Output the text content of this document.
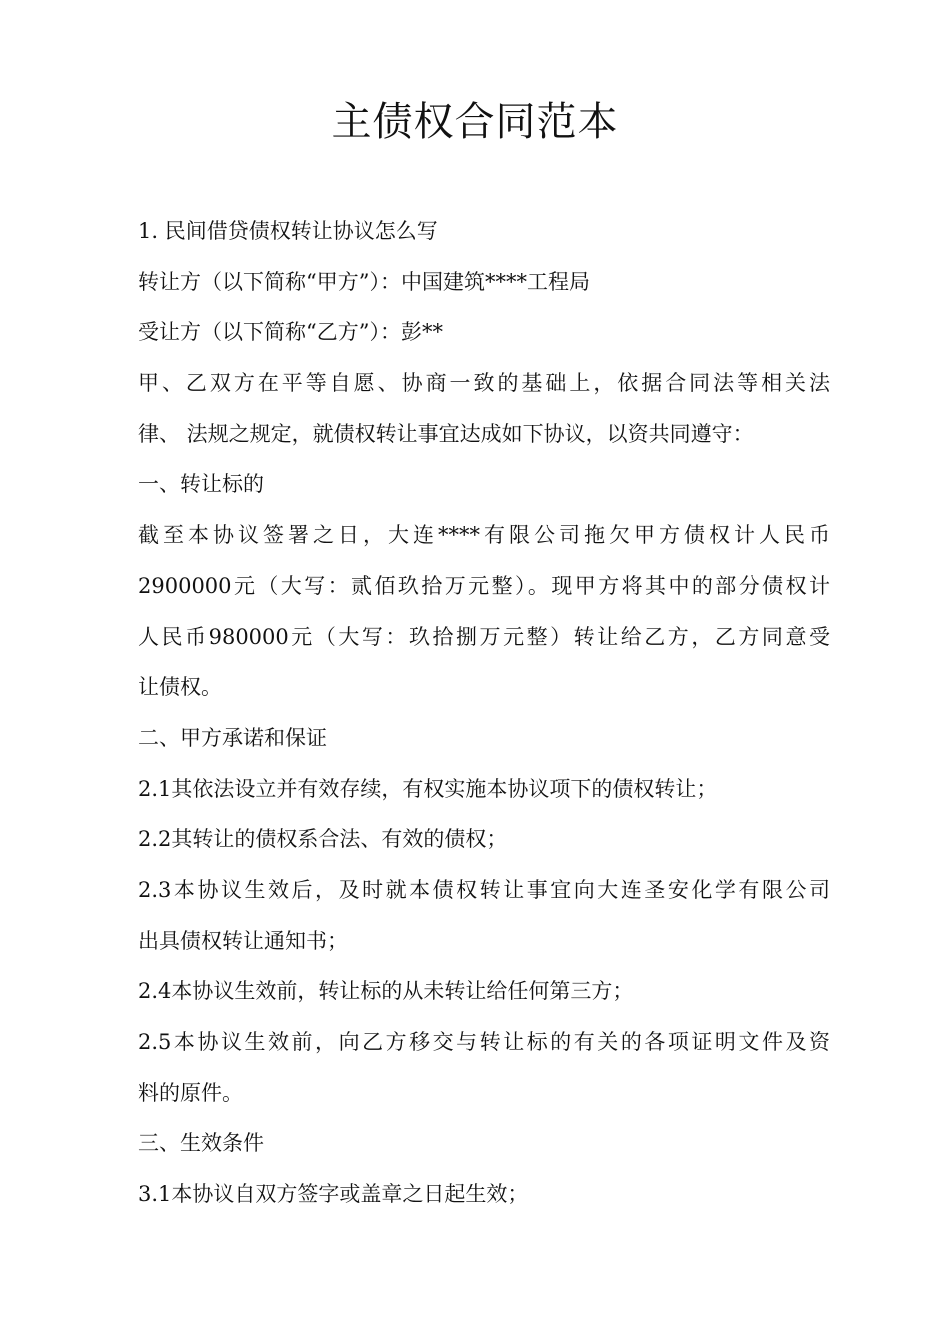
主债权合同范本

1. 民间借贷债权转让协议怎么写

转让方（以下简称“甲方”）：中国建筑****工程局

受让方（以下简称“乙方”）：彭**

甲、乙双方在平等自愿、协商一致的基础上，依据合同法等相关法

律、 法规之规定，就债权转让事宜达成如下协议，以资共同遵守：

一、转让标的

截至本协议签署之日，大连****有限公司拖欠甲方债权计人民币

2900000元（大写：贰佰玖拾万元整）。现甲方将其中的部分债权计

人民币980000元（大写：玖拾捌万元整）转让给乙方，乙方同意受

让债权。

二、甲方承诺和保证

2.1其依法设立并有效存续，有权实施本协议项下的债权转让；

2.2其转让的债权系合法、有效的债权；

2.3本协议生效后，及时就本债权转让事宜向大连圣安化学有限公司

出具债权转让通知书；

2.4本协议生效前，转让标的从未转让给任何第三方；

2.5本协议生效前，向乙方移交与转让标的有关的各项证明文件及资

料的原件。

三、生效条件

3.1本协议自双方签字或盖章之日起生效；
